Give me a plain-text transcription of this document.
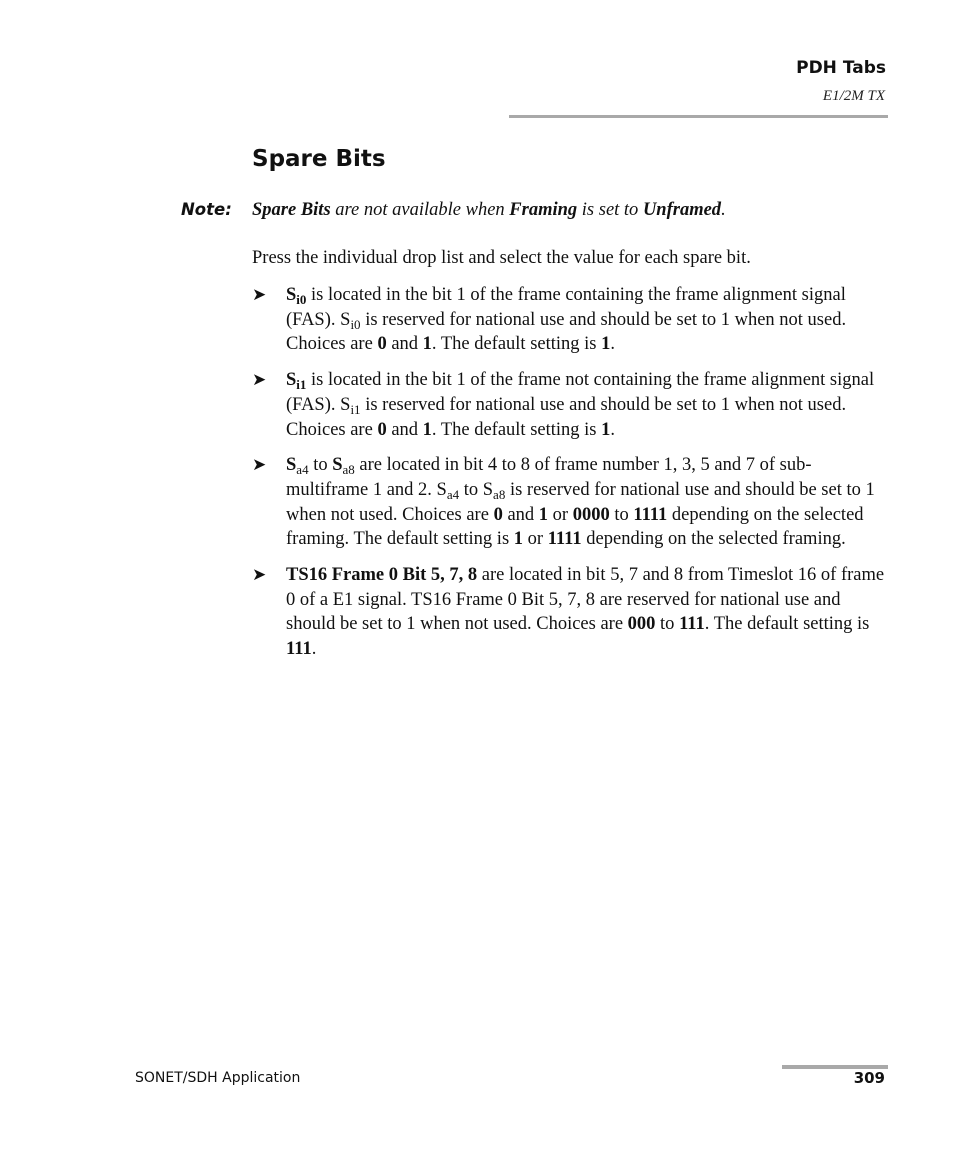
PDH Tabs
E1/2M TX
Spare Bits
Note: Spare Bits are not available when Framing is set to Unframed.

Press the individual drop list and select the value for each spare bit.

➤ $S_{i0}$ is located in the bit 1 of the frame containing the frame alignment signal (FAS). $S_{i0}$ is reserved for national use and should be set to 1 when not used. Choices are 0 and 1. The default setting is 1.
➤ $S_{i1}$ is located in the bit 1 of the frame not containing the frame alignment signal (FAS). $S_{i1}$ is reserved for national use and should be set to 1 when not used. Choices are 0 and 1. The default setting is 1.
➤ $S_{a4}$ to $S_{a8}$ are located in bit 4 to 8 of frame number 1, 3, 5 and 7 of sub-multiframe 1 and 2. $S_{a4}$ to $S_{a8}$ is reserved for national use and should be set to 1 when not used. Choices are 0 and 1 or 0000 to 1111 depending on the selected framing. The default setting is 1 or 1111 depending on the selected framing.
➤ TS16 Frame 0 Bit 5, 7, 8 are located in bit 5, 7 and 8 from Timeslot 16 of frame 0 of a E1 signal. TS16 Frame 0 Bit 5, 7, 8 are reserved for national use and should be set to 1 when not used. Choices are 000 to 111. The default setting is 111.
SONET/SDH Application	309
